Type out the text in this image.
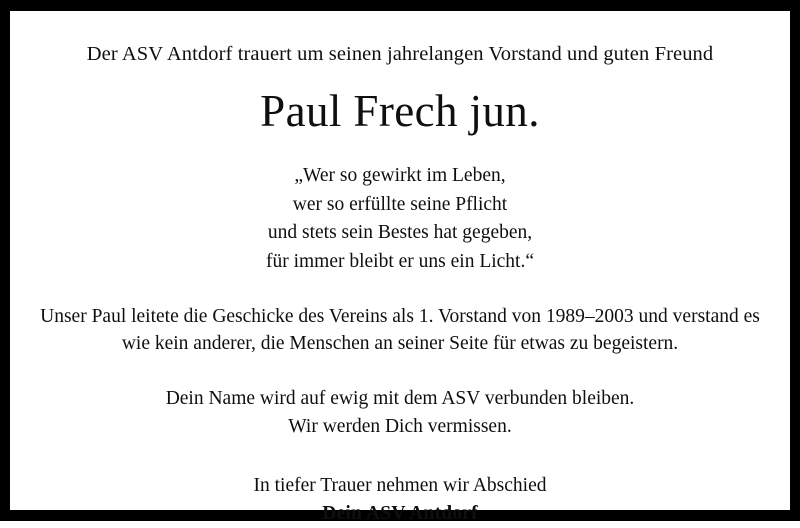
Der ASV Antdorf trauert um seinen jahrelangen Vorstand und guten Freund
Paul Frech jun.
„Wer so gewirkt im Leben,
wer so erfüllte seine Pflicht
und stets sein Bestes hat gegeben,
für immer bleibt er uns ein Licht.“
Unser Paul leitete die Geschicke des Vereins als 1. Vorstand von 1989–2003 und verstand es wie kein anderer, die Menschen an seiner Seite für etwas zu begeistern.
Dein Name wird auf ewig mit dem ASV verbunden bleiben.
Wir werden Dich vermissen.
In tiefer Trauer nehmen wir Abschied
Dein ASV Antdorf
